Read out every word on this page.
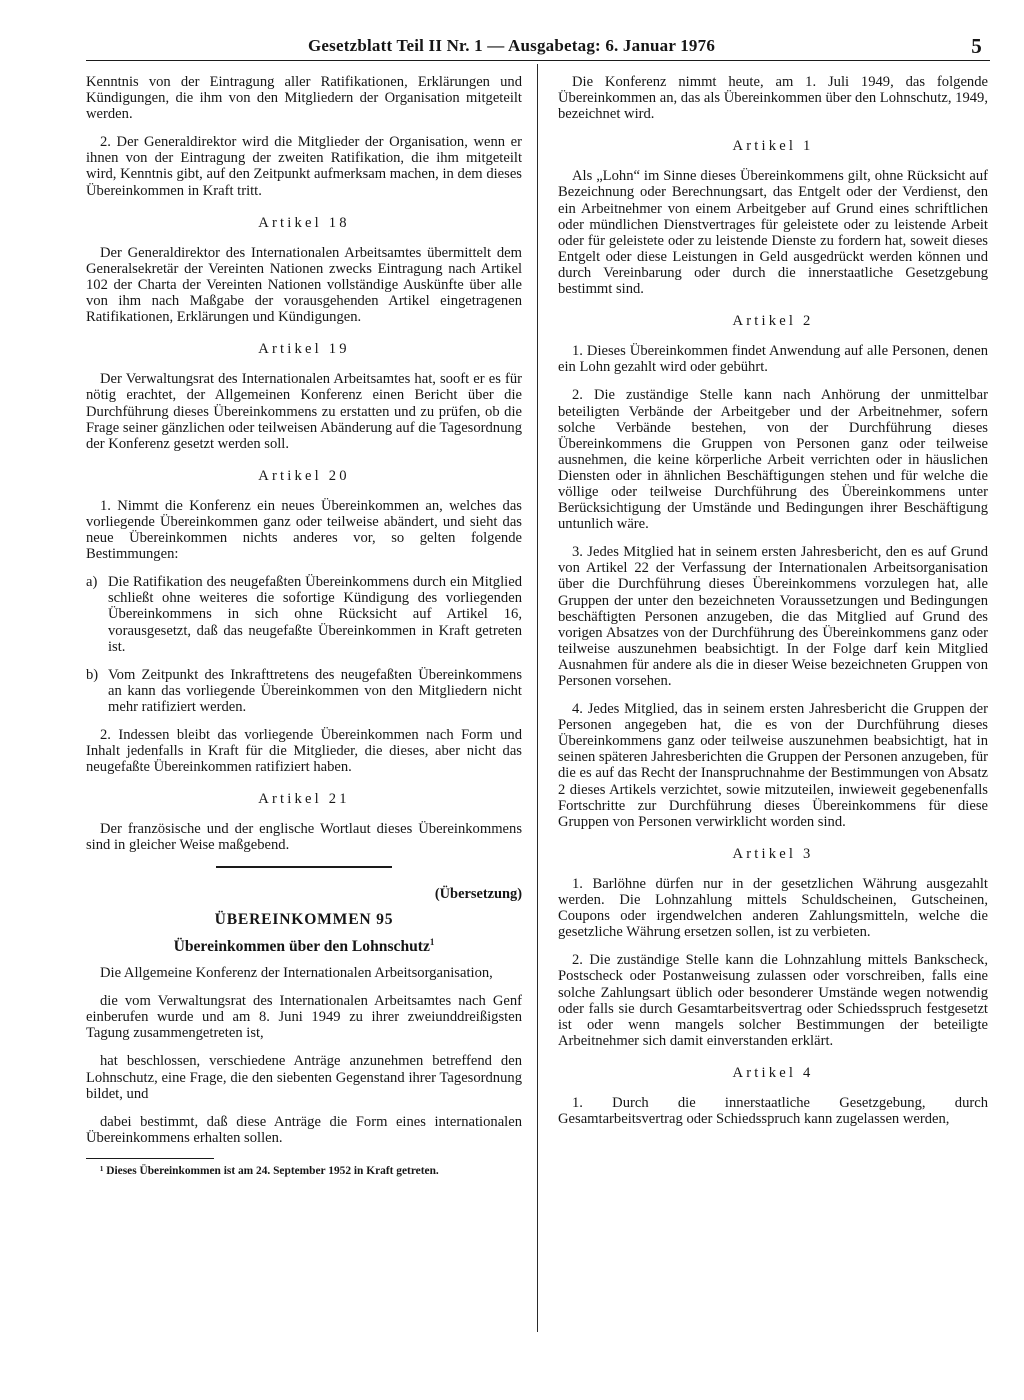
Gesetzblatt Teil II Nr. 1 — Ausgabetag: 6. Januar 1976	5

Kenntnis von der Eintragung aller Ratifikationen, Erklärungen und Kündigungen, die ihm von den Mitgliedern der Organisation mitgeteilt werden.

2. Der Generaldirektor wird die Mitglieder der Organisation, wenn er ihnen von der Eintragung der zweiten Ratifikation, die ihm mitgeteilt wird, Kenntnis gibt, auf den Zeitpunkt aufmerksam machen, in dem dieses Übereinkommen in Kraft tritt.

Artikel 18

Der Generaldirektor des Internationalen Arbeitsamtes übermittelt dem Generalsekretär der Vereinten Nationen zwecks Eintragung nach Artikel 102 der Charta der Vereinten Nationen vollständige Auskünfte über alle von ihm nach Maßgabe der vorausgehenden Artikel eingetragenen Ratifikationen, Erklärungen und Kündigungen.

Artikel 19

Der Verwaltungsrat des Internationalen Arbeitsamtes hat, sooft er es für nötig erachtet, der Allgemeinen Konferenz einen Bericht über die Durchführung dieses Übereinkommens zu erstatten und zu prüfen, ob die Frage seiner gänzlichen oder teilweisen Abänderung auf die Tagesordnung der Konferenz gesetzt werden soll.

Artikel 20

1. Nimmt die Konferenz ein neues Übereinkommen an, welches das vorliegende Übereinkommen ganz oder teilweise abändert, und sieht das neue Übereinkommen nichts anderes vor, so gelten folgende Bestimmungen:

a) Die Ratifikation des neugefaßten Übereinkommens durch ein Mitglied schließt ohne weiteres die sofortige Kündigung des vorliegenden Übereinkommens in sich ohne Rücksicht auf Artikel 16, vorausgesetzt, daß das neugefaßte Übereinkommen in Kraft getreten ist.

b) Vom Zeitpunkt des Inkrafttretens des neugefaßten Übereinkommens an kann das vorliegende Übereinkommen von den Mitgliedern nicht mehr ratifiziert werden.

2. Indessen bleibt das vorliegende Übereinkommen nach Form und Inhalt jedenfalls in Kraft für die Mitglieder, die dieses, aber nicht das neugefaßte Übereinkommen ratifiziert haben.

Artikel 21

Der französische und der englische Wortlaut dieses Übereinkommens sind in gleicher Weise maßgebend.

(Übersetzung)
ÜBEREINKOMMEN 95
Übereinkommen über den Lohnschutz$^1$

Die Allgemeine Konferenz der Internationalen Arbeitsorganisation,

die vom Verwaltungsrat des Internationalen Arbeitsamtes nach Genf einberufen wurde und am 8. Juni 1949 zu ihrer zweiunddreißigsten Tagung zusammengetreten ist,

hat beschlossen, verschiedene Anträge anzunehmen betreffend den Lohnschutz, eine Frage, die den siebenten Gegenstand ihrer Tagesordnung bildet, und

dabei bestimmt, daß diese Anträge die Form eines internationalen Übereinkommens erhalten sollen.

¹ Dieses Übereinkommen ist am 24. September 1952 in Kraft getreten.

Die Konferenz nimmt heute, am 1. Juli 1949, das folgende Übereinkommen an, das als Übereinkommen über den Lohnschutz, 1949, bezeichnet wird.

Artikel 1

Als „Lohn“ im Sinne dieses Übereinkommens gilt, ohne Rücksicht auf Bezeichnung oder Berechnungsart, das Entgelt oder der Verdienst, den ein Arbeitnehmer von einem Arbeitgeber auf Grund eines schriftlichen oder mündlichen Dienstvertrages für geleistete oder zu leistende Arbeit oder für geleistete oder zu leistende Dienste zu fordern hat, soweit dieses Entgelt oder diese Leistungen in Geld ausgedrückt werden können und durch Vereinbarung oder durch die innerstaatliche Gesetzgebung bestimmt sind.

Artikel 2

1. Dieses Übereinkommen findet Anwendung auf alle Personen, denen ein Lohn gezahlt wird oder gebührt.

2. Die zuständige Stelle kann nach Anhörung der unmittelbar beteiligten Verbände der Arbeitgeber und der Arbeitnehmer, sofern solche Verbände bestehen, von der Durchführung dieses Übereinkommens die Gruppen von Personen ganz oder teilweise ausnehmen, die keine körperliche Arbeit verrichten oder in häuslichen Diensten oder in ähnlichen Beschäftigungen stehen und für welche die völlige oder teilweise Durchführung des Übereinkommens unter Berücksichtigung der Umstände und Bedingungen ihrer Beschäftigung untunlich wäre.

3. Jedes Mitglied hat in seinem ersten Jahresbericht, den es auf Grund von Artikel 22 der Verfassung der Internationalen Arbeitsorganisation über die Durchführung dieses Übereinkommens vorzulegen hat, alle Gruppen der unter den bezeichneten Voraussetzungen und Bedingungen beschäftigten Personen anzugeben, die das Mitglied auf Grund des vorigen Absatzes von der Durchführung des Übereinkommens ganz oder teilweise auszunehmen beabsichtigt. In der Folge darf kein Mitglied Ausnahmen für andere als die in dieser Weise bezeichneten Gruppen von Personen vorsehen.

4. Jedes Mitglied, das in seinem ersten Jahresbericht die Gruppen der Personen angegeben hat, die es von der Durchführung dieses Übereinkommens ganz oder teilweise auszunehmen beabsichtigt, hat in seinen späteren Jahresberichten die Gruppen der Personen anzugeben, für die es auf das Recht der Inanspruchnahme der Bestimmungen von Absatz 2 dieses Artikels verzichtet, sowie mitzuteilen, inwieweit gegebenenfalls Fortschritte zur Durchführung dieses Übereinkommens für diese Gruppen von Personen verwirklicht worden sind.

Artikel 3

1. Barlöhne dürfen nur in der gesetzlichen Währung ausgezahlt werden. Die Lohnzahlung mittels Schuldscheinen, Gutscheinen, Coupons oder irgendwelchen anderen Zahlungsmitteln, welche die gesetzliche Währung ersetzen sollen, ist zu verbieten.

2. Die zuständige Stelle kann die Lohnzahlung mittels Bankscheck, Postscheck oder Postanweisung zulassen oder vorschreiben, falls eine solche Zahlungsart üblich oder besonderer Umstände wegen notwendig oder falls sie durch Gesamtarbeitsvertrag oder Schiedsspruch festgesetzt ist oder wenn mangels solcher Bestimmungen der beteiligte Arbeitnehmer sich damit einverstanden erklärt.

Artikel 4

1. Durch die innerstaatliche Gesetzgebung, durch Gesamtarbeitsvertrag oder Schiedsspruch kann zugelassen werden,
